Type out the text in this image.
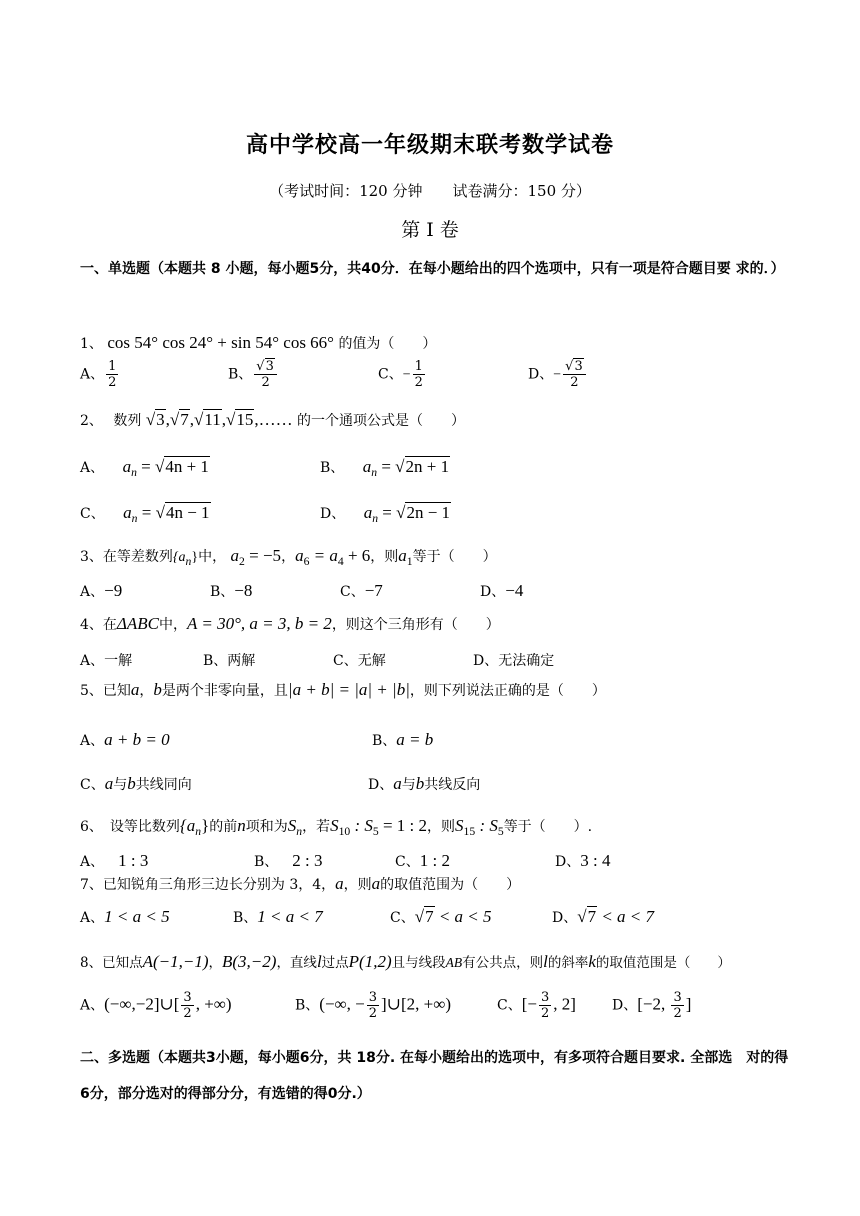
高中学校高一年级期末联考数学试卷
（考试时间：120 分钟　　试卷满分：150 分）
第 I 卷
一、单选题（本题共 8 小题，每小题5分，共40分．在每小题给出的四个选项中，只有一项是符合题目要 求的．）
1、 cos 54° cos 24° + sin 54° cos 66° 的值为（　　）
A、 $\frac{1}{2}$	B、 $\frac{√3}{2}$	C、− $\frac{1}{2}$	D、− $\frac{√3}{2}$
2、 数列 √3,√7,√11,√15,…… 的一个通项公式是（　　）
A、 $a_n = √4n + 1$	B、 $a_n = √2n + 1$
C、 $a_n = √4n - 1$	D、 $a_n = √2n - 1$
3、在等差数列$\{a_n\}$中， $a_2 = -5$，$a_6 = a_4 + 6$，则$a_1$等于（　　）
A、−9	B、−8	C、−7	D、−4
4、在ΔABC中，A = 30°, a = 3, b = 2，则这个三角形有（　　）
A、一解	B、两解	C、无解	D、无法确定
5、已知a，b是两个非零向量，且|a + b| = |a| + |b|，则下列说法正确的是（　　）
A、a + b = 0	B、a = b
C、a与b共线同向	D、a与b共线反向
6、　设等比数列$\{a_n\}$的前n项和为$S_n$，若$S_{10}$ : $S_5 = 1$ : 2，则$S_{15}$ : $S_5$等于（　　）.
A、 1 : 3	B、 2 : 3	C、1 : 2	D、3 : 4
7、已知锐角三角形三边长分别为 3，4，a，则a的取值范围为（　　）
A、1 < a < 5	B、1 < a < 7	C、√7 < a < 5	D、√7 < a < 7
8、已知点A(−1,−1)，B(3,−2)，直线l过点P(1,2)且与线段AB有公共点，则l的斜率k的取值范围是（　　）
A、(−∞,−2]∪[ $\frac{3}{2}$ , +∞)	B、(−∞, − $\frac{3}{2}$ ]∪[2, +∞)	C、[− $\frac{3}{2}$ , 2]	D、[−2, $\frac{3}{2}$ ]
二、多选题（本题共3小题，每小题6分，共 18分. 在每小题给出的选项中，有多项符合题目要求. 全部选　对的得 6分，部分选对的得部分分，有选错的得0分.）
